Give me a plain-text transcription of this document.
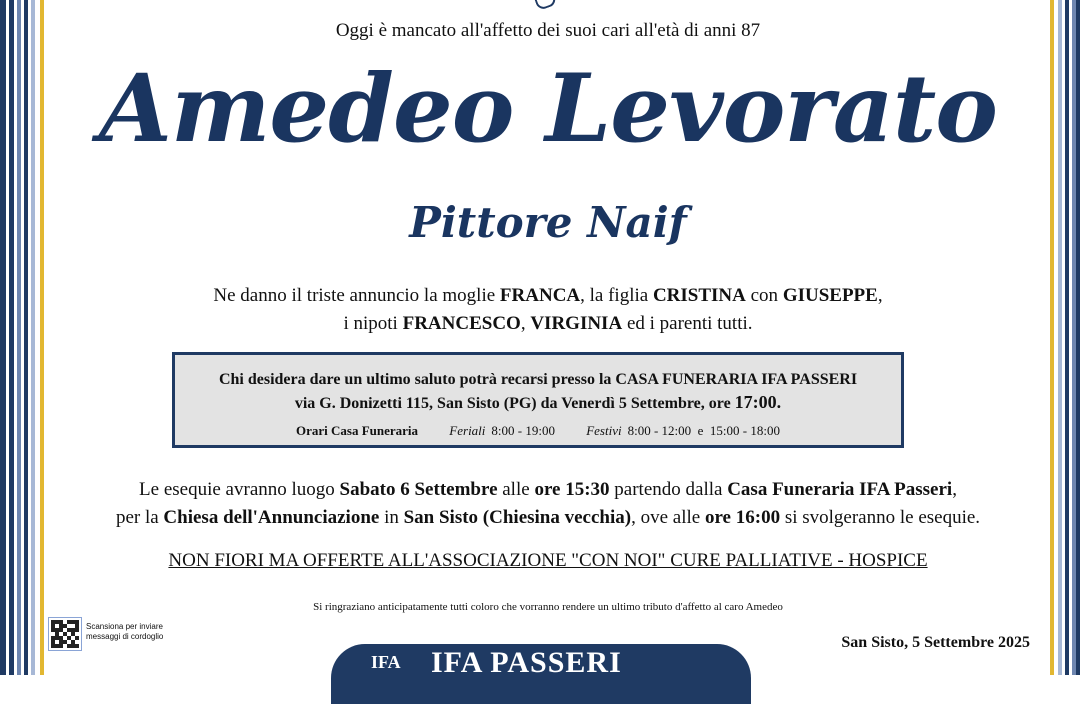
Oggi è mancato all'affetto dei suoi cari all'età di anni 87
Amedeo Levorato
Pittore Naif
Ne danno il triste annuncio la moglie FRANCA, la figlia CRISTINA con GIUSEPPE,
i nipoti FRANCESCO, VIRGINIA ed i parenti tutti.
Chi desidera dare un ultimo saluto potrà recarsi presso la CASA FUNERARIA IFA PASSERI
via G. Donizetti 115, San Sisto (PG) da Venerdì 5 Settembre, ore 17:00.
Orari Casa Funeraria Feriali 8:00 - 19:00 Festivi 8:00 - 12:00  e  15:00 - 18:00
Le esequie avranno luogo Sabato 6 Settembre alle ore 15:30 partendo dalla Casa Funeraria IFA Passeri,
per la Chiesa dell'Annunciazione in San Sisto (Chiesina vecchia), ove alle ore 16:00 si svolgeranno le esequie.
NON FIORI MA OFFERTE ALL'ASSOCIAZIONE "CON NOI" CURE PALLIATIVE - HOSPICE
Si ringraziano anticipatamente tutti coloro che vorranno rendere un ultimo tributo d'affetto al caro Amedeo
Scansiona per inviare
messaggi di cordoglio	San Sisto, 5 Settembre 2025
IFA IFA PASSERI
